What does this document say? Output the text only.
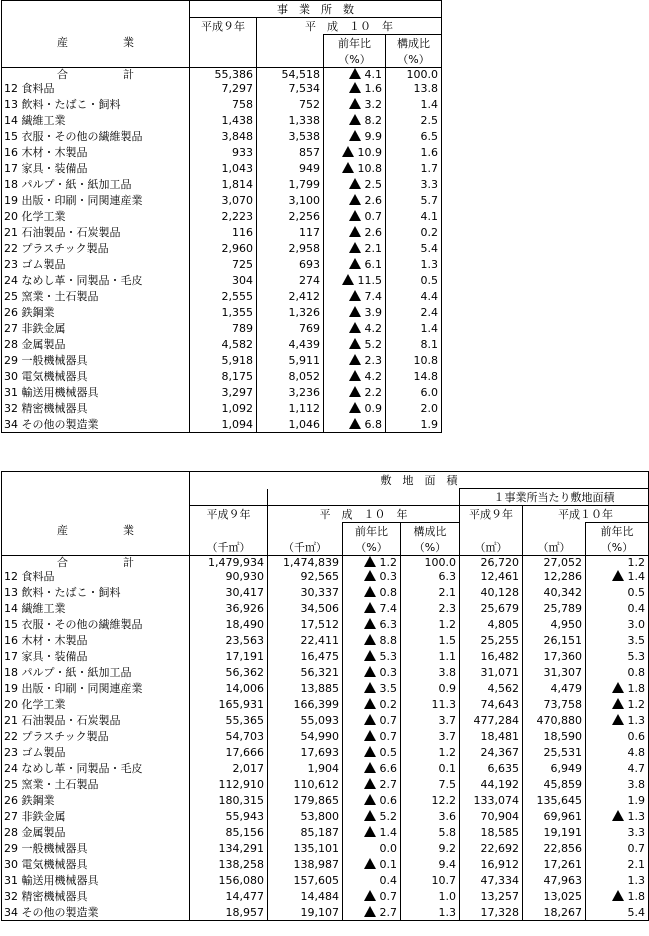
	事　業　所　数			
産　　　　　業	平成９年	平　成　１０　年		
			前年比	構成比
			（%）	（%）
合　　　　　計	55,386	54,518	4.1	100.0
12 食料品	7,297	7,534	1.6	13.8
13 飲料・たばこ・飼料	758	752	3.2	1.4
14 繊維工業	1,438	1,338	8.2	2.5
15 衣服・その他の繊維製品	3,848	3,538	9.9	6.5
16 木材・木製品	933	857	10.9	1.6
17 家具・装備品	1,043	949	10.8	1.7
18 パルプ・紙・紙加工品	1,814	1,799	2.5	3.3
19 出版・印刷・同関連産業	3,070	3,100	2.6	5.7
20 化学工業	2,223	2,256	0.7	4.1
21 石油製品・石炭製品	116	117	2.6	0.2
22 プラスチック製品	2,960	2,958	2.1	5.4
23 ゴム製品	725	693	6.1	1.3
24 なめし革・同製品・毛皮	304	274	11.5	0.5
25 窯業・土石製品	2,555	2,412	7.4	4.4
26 鉄鋼業	1,355	1,326	3.9	2.4
27 非鉄金属	789	769	4.2	1.4
28 金属製品	4,582	4,439	5.2	8.1
29 一般機械器具	5,918	5,911	2.3	10.8
30 電気機械器具	8,175	8,052	4.2	14.8
31 輸送用機械器具	3,297	3,236	2.2	6.0
32 精密機械器具	1,092	1,112	0.9	2.0
34 その他の製造業	1,094	1,046	6.8	1.9
	敷　地　面　積						
					１事業所当たり敷地面積		
産　　　　　業	平成９年	平　成　１０　年			平成９年	平成１０年	
			前年比	構成比			前年比
	（千㎡）	（千㎡）	（%）	（%）	（㎡）	（㎡）	（%）
合　　　　　計	1,479,934	1,474,839	1.2	100.0	26,720	27,052	1.2
12 食料品	90,930	92,565	0.3	6.3	12,461	12,286	1.4
13 飲料・たばこ・飼料	30,417	30,337	0.8	2.1	40,128	40,342	0.5
14 繊維工業	36,926	34,506	7.4	2.3	25,679	25,789	0.4
15 衣服・その他の繊維製品	18,490	17,512	6.3	1.2	4,805	4,950	3.0
16 木材・木製品	23,563	22,411	8.8	1.5	25,255	26,151	3.5
17 家具・装備品	17,191	16,475	5.3	1.1	16,482	17,360	5.3
18 パルプ・紙・紙加工品	56,362	56,321	0.3	3.8	31,071	31,307	0.8
19 出版・印刷・同関連産業	14,006	13,885	3.5	0.9	4,562	4,479	1.8
20 化学工業	165,931	166,399	0.2	11.3	74,643	73,758	1.2
21 石油製品・石炭製品	55,365	55,093	0.7	3.7	477,284	470,880	1.3
22 プラスチック製品	54,703	54,990	0.7	3.7	18,481	18,590	0.6
23 ゴム製品	17,666	17,693	0.5	1.2	24,367	25,531	4.8
24 なめし革・同製品・毛皮	2,017	1,904	6.6	0.1	6,635	6,949	4.7
25 窯業・土石製品	112,910	110,612	2.7	7.5	44,192	45,859	3.8
26 鉄鋼業	180,315	179,865	0.6	12.2	133,074	135,645	1.9
27 非鉄金属	55,943	53,800	5.2	3.6	70,904	69,961	1.3
28 金属製品	85,156	85,187	1.4	5.8	18,585	19,191	3.3
29 一般機械器具	134,291	135,101	0.0	9.2	22,692	22,856	0.7
30 電気機械器具	138,258	138,987	0.1	9.4	16,912	17,261	2.1
31 輸送用機械器具	156,080	157,605	0.4	10.7	47,334	47,963	1.3
32 精密機械器具	14,477	14,484	0.7	1.0	13,257	13,025	1.8
34 その他の製造業	18,957	19,107	2.7	1.3	17,328	18,267	5.4
